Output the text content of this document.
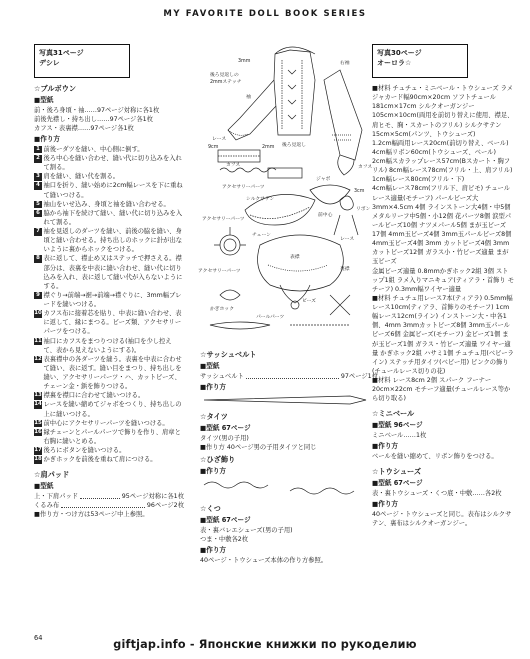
MY FAVORITE DOLL BOOK SERIES
写真31ページ
デシレ
☆ブルボウン
■型紙
前・後ろ身頃・袖……97ページ対称に各1枚
前後先襟し・持ち出し……97ページ各1枚
カフス・表裏襟……97ページ各1枚
■作り方
1 前後ーダツを縫い、中心側に倒す。
2 後ろ中心を縫い合わせ、縫い代に切り込みを入れて割る。
3 肩を縫い、縫い代を割る。
4 袖口を折り、縫い始めに2cm幅レースを下に重ねて縫いつける。
5 袖山をいせ込み、身頃と袖を縫い合わせる。
6 脇から袖下を続けて縫い、縫い代に切り込みを入れて割る。
7 袖を見返しのダーツを縫い、前後の脇を縫い、身頃と縫い合わせる。持ち出しのホックに針が出ないように裏からホックをつける。
8 表に返して、襟止め又はステッチで押さえる。襟部分は、表裏を中表に縫い合わせ、縫い代に切り込みを入れ、表に返して縫い代が入らないようにする。
9 襟ぐり→前端→裾→前端→襟ぐりに、3mm幅ブレードを縫いつける。
10 カフス布に接着芯を貼り、中表に縫い合わせ、表に返して、縁にまつる。ビーズ類、アクセサリーパーツをつける。
11 袖口にカフスをまつりつける(袖口を少し控えて、表から見えないようにする)。
12 表裏襟中の各ダーツを縫う。表裏を中表に合わせて縫い、表に返す。縫い目をまつり、持ち出しを縫い、アクセサリーパーツ・ハ、カットビーズ、チェーン金・鋲を飾りつける。
13 襟裏を襟口に合わせて縫いつける。
14 レースを縫い縮めてジャボをつくり、持ち出しの上に縫いつける。
15 前中心にアクセサリーパーツを縫いつける。
16 縁チェーンとパールパーツで飾りを作り、肩章と右胸に縫いとめる。
17 後ろにボタンを縫いつける。
18 かぎホックを前後を重ねて肩につける。
☆肩パッド
■型紙
上・下肩パッド	95ページ対称に各1枚
くるみ布	96ページ2枚
■作り方・つけ方は53ページ中上参照。
64
3mm
後ろ見返しの
2mmステッチ
袖
レース
9cm	2mm 後ろ見返し
カフス
アクセサリーパーツ
右袖
カフス
ジャボ
前中心
アクセサリーパーツ
チェーン
レース
シルクサテン
3cm
リボン
表襟
裏襟
アクセサリーパーツ
ビーズ
パールパーツ
かぎホック
☆サッシュベルト
■型紙
サッシュベルト	97ページ1枚
■作り方
☆タイツ
■型紙 67ページ
タイツ(男の子用)
■作り方 40ページ男の子用タイツと同じ
☆ひざ飾り
■作り方
☆くつ
■型紙 67ページ
表・裏バレエシューズ(男の子用)
つま・中敷各2枚
■作り方
40ページ・トウシューズ本体の作り方参照。
写真30ページ
オーロラ☆
■材料 チュチュ・ミニベール・トウシューズ ラメジャカード幅90cm×20cm ソフトチュール181cm×17cm シルクオーガンジー105cm×10cm(両用を前切り替えに使用、襟足、肩ヒモ、胸・スカートのフリル) シルクサテン15cm×5cm(パンツ、トウシューズ)
1.2cm幅両用レース20cm(前切り替え、ベール)
4cm幅リボン60cm(トウシューズ、ベール)
2cm幅スカラップレース57cm(Bスカート・胸フリル) 8cm幅レース78cm(フリル・上、肩フリル) 1cm幅レース80cm(フリル・下)
4cm幅レース78cm(フリル下、肩ビモ) チュールレース適量(モチーフ) パールビーズ大3mm×4.5cm 4個 ラインストーン大4個・中5個
メタルリーフ中5個・小12個 花パーツ8個 涙型パールビーズ10個 ナツメパール5個 まが玉ビーズ17個 4mm玉ビーズ4個 3mm玉パールビーズ8個 4mm玉ビーズ4個 3mm カットビーズ4個 3mmカットビーズ12個 ガラス小・竹ビーズ適量 まが玉ビーズ
金属ビーズ適量 0.8mmかぎホック2組 3個 ストップ1組 ラメ入りマニキュア(ティアラ・首飾り モチーフ) 0.3mm幅ワイヤー適量
■材料 チュチュ用レース7本(ティアラ) 0.5mm幅レース10cm(ティアラ、首飾りのモチーフ) 1cm幅レース12cm(ライン) インストーン大・中各1個、4mm 3mmカットビーズ8個 3mm玉パールビーズ6個 金属ビーズ(モチーフ) 金ビーズ1個 まが玉ビーズ1個 ガラス・竹ビーズ適量 ワイヤー適量 かぎホック2組 ハサミ1個 チュチュ用(ベビーライン) ステッチ用タイツ(ベビー用) ピンクの飾り(チュールレース切りの花)
■材料 レース8cm 2個 スパーク フーナー20cm×22cm モチーフ適量(チュールレース等から切り取る)
☆ミニベール
■型紙 96ページ
ミニベール……1枚
■作り方
ベールを縫い縮めて、リボン飾りをつける。
☆トウシューズ
■型紙 67ページ
表・裏トウシューズ・くつ底・中敷……各2枚
■作り方
40ページ・トウシューズと同じ。表布はシルクサテン、裏布はシルクオーガンジー。
giftjap.info - Японские книжки по рукоделию
